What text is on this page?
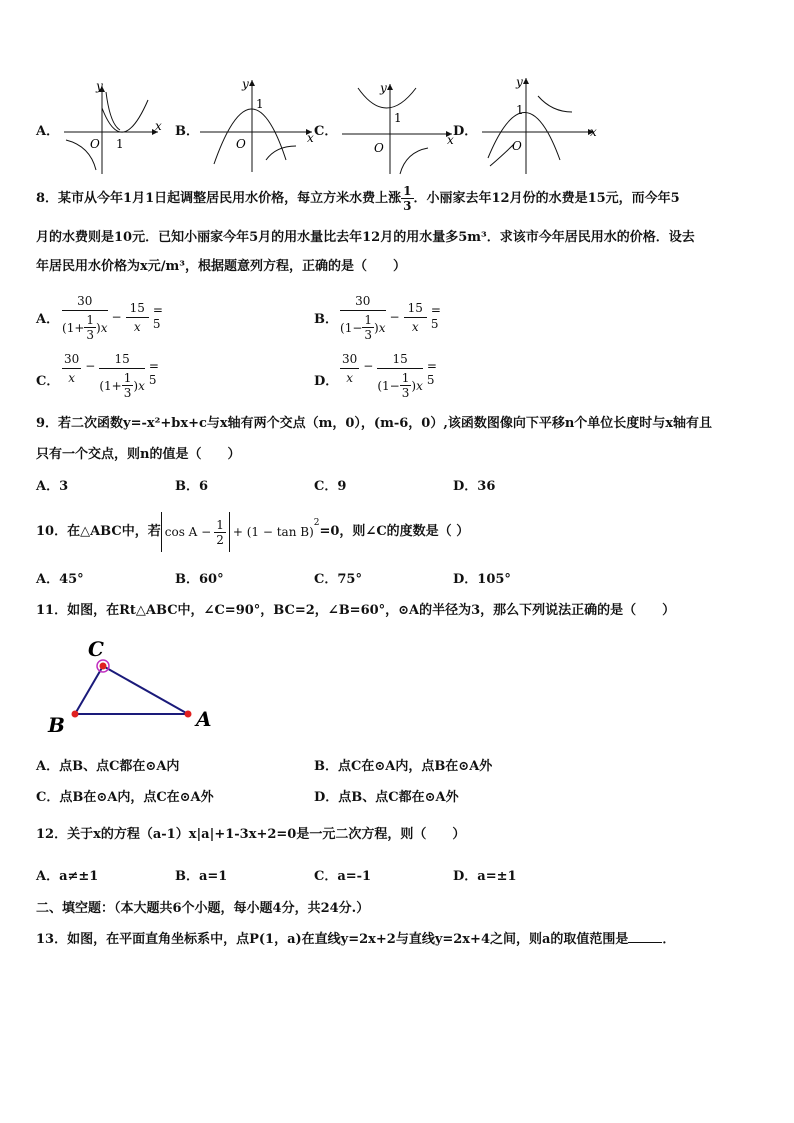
A．
y
x
O 1
B．
y
x
O
1
C．
y
x
O
1
D．
y
x
O
1
8．某市从今年1月1日起调整居民用水价格，每立方米水费上涨 $\frac{1}{3}$ ．小丽家去年12月份的水费是15元，而今年5
月的水费则是10元．已知小丽家今年5月的用水量比去年12月的用水量多5m³．求该市今年居民用水的价格．设去
年居民用水价格为x元/m³，根据题意列方程，正确的是（　　）
A．
30
( $1+ \frac{1}{3}$ ) x
− $\frac{15}{x} = 5$	B．
30
( $1- \frac{1}{3}$ ) x
− $\frac{15}{x} = 5$
C．
30
x
− $\frac{15}{( 1+ \frac{1}{3} ) x} = 5$	D．
30
x
− $\frac{15}{( 1- \frac{1}{3} ) x} = 5$
9．若二次函数y=-x²+bx+c与x轴有两个交点（m，0），(m-6，0）,该函数图像向下平移n个单位长度时与x轴有且
只有一个交点，则n的值是（　　）
A．3	B．6	C．9	D．36
10．在△ABC中，若 $\cos A - \frac{1}{2} + (1 - \tan B)$
$^2$
=0，则∠C的度数是（ ）
A．45°	B．60°	C．75°	D．105°
11．如图，在Rt△ABC中，∠C=90°，BC=2，∠B=60°，⊙A的半径为3，那么下列说法正确的是（　　）
C
B	A
A．点B、点C都在⊙A内	B．点C在⊙A内，点B在⊙A外
C．点B在⊙A内，点C在⊙A外	D．点B、点C都在⊙A外
12．关于x的方程（a-1）x|a|+1-3x+2=0是一元二次方程，则（　　）
A．a≠±1	B．a=1	C．a=-1	D．a=±1
二、填空题：（本大题共6个小题，每小题4分，共24分.）
13．如图，在平面直角坐标系中，点P(1，a)在直线y=2x+2与直线y=2x+4之间，则a的取值范围是	．
